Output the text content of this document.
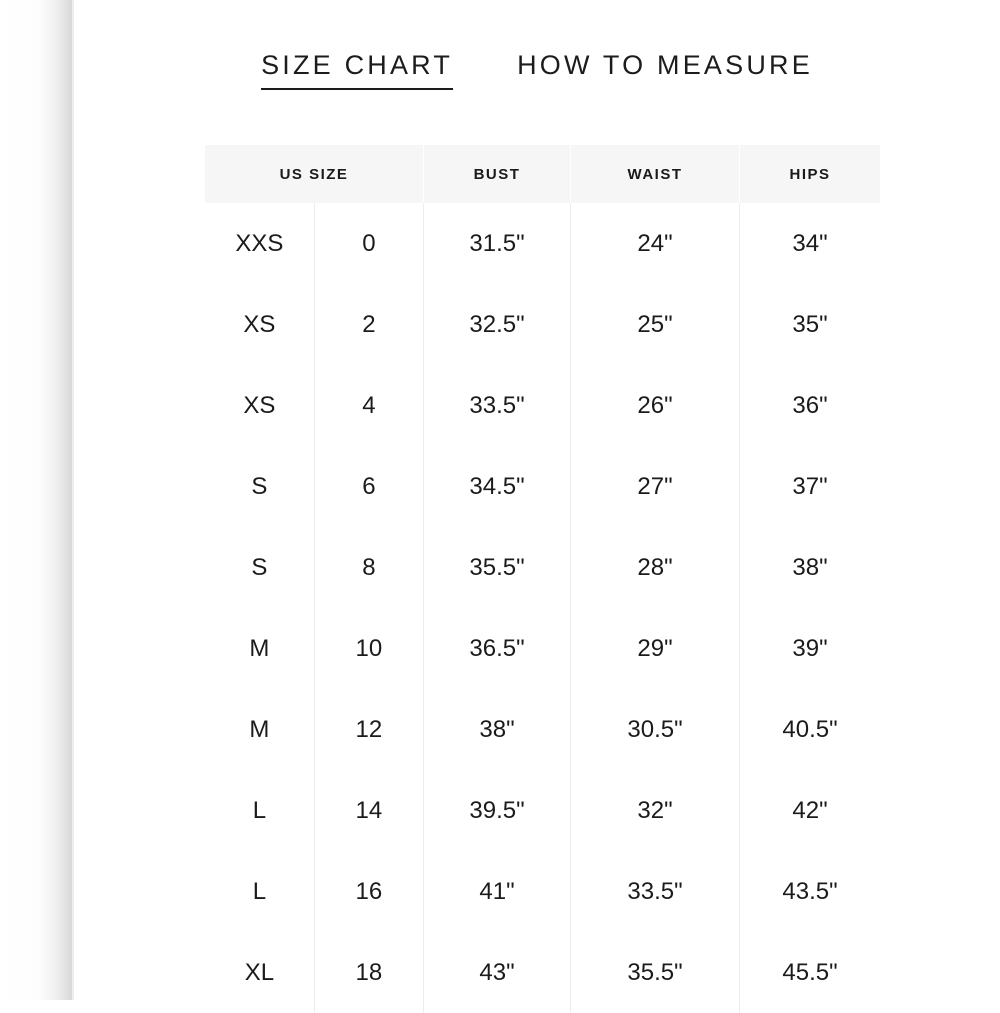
SIZE CHART HOW TO MEASURE
US SIZE		BUST	WAIST	HIPS
XXS	0	31.5"	24"	34"
XS	2	32.5"	25"	35"
XS	4	33.5"	26"	36"
S	6	34.5"	27"	37"
S	8	35.5"	28"	38"
M	10	36.5"	29"	39"
M	12	38"	30.5"	40.5"
L	14	39.5"	32"	42"
L	16	41"	33.5"	43.5"
XL	18	43"	35.5"	45.5"
